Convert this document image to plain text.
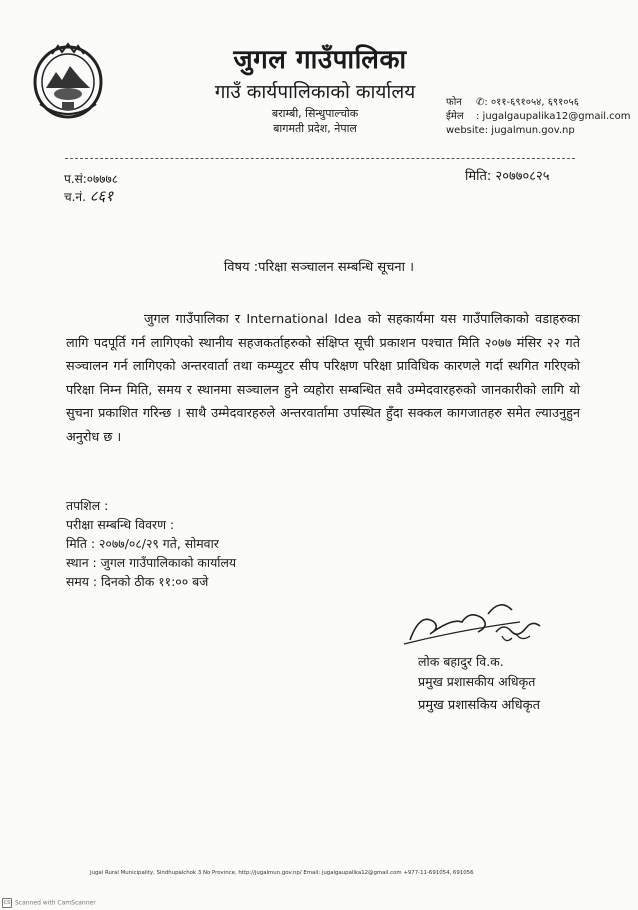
जुगल गाउँपालिका
गाउँ कार्यपालिकाको कार्यालय
बराम्बी, सिन्धुपाल्चोक
बागमती प्रदेश, नेपाल
फोन ✆: ०११-६९१०५४, ६९१०५६
ईमेल : jugalgaupalika12@gmail.com
website: jugalmun.gov.np
प.सं:०७७७८
च.नं. ८६१
मिति: २०७७०८२५
विषय :परिक्षा सञ्चालन सम्बन्धि सूचना ।
जुगल गाउँपालिका र International Idea को सहकार्यमा यस गाउँपालिकाको वडाहरुका लागि पदपूर्ति गर्न लागिएको स्थानीय सहजकर्ताहरुको संक्षिप्त सूची प्रकाशन पश्चात मिति २०७७ मंसिर २२ गते सञ्चालन गर्न लागिएको अन्तरवार्ता तथा कम्प्युटर सीप परिक्षण परिक्षा प्राविधिक कारणले गर्दा स्थगित गरिएको परिक्षा निम्न मिति, समय र स्थानमा सञ्चालन हुने व्यहोरा सम्बन्धित सवै उम्मेदवारहरुको जानकारीको लागि यो सुचना प्रकाशित गरिन्छ । साथै उम्मेदवारहरुले अन्तरवार्तामा उपस्थित हुँदा सक्कल कागजातहरु समेत ल्याउनुहुन अनुरोध छ ।
तपशिल :
परीक्षा सम्बन्धि विवरण :
मिति : २०७७/०८/२९ गते, सोमवार
स्थान : जुगल गाउँपालिकाको कार्यालय
समय : दिनको ठीक ११:०० बजे
लोक बहादुर वि.क.
प्रमुख प्रशासकीय अधिकृत
प्रमुख प्रशासकिय अधिकृत
Jugal Rural Municipality, Sindhupalchok 3 No Province, http://jugalmun.gov.np/ Email: jugalgaupalika12@gmail.com +977-11-691054, 691056
CS Scanned with CamScanner
